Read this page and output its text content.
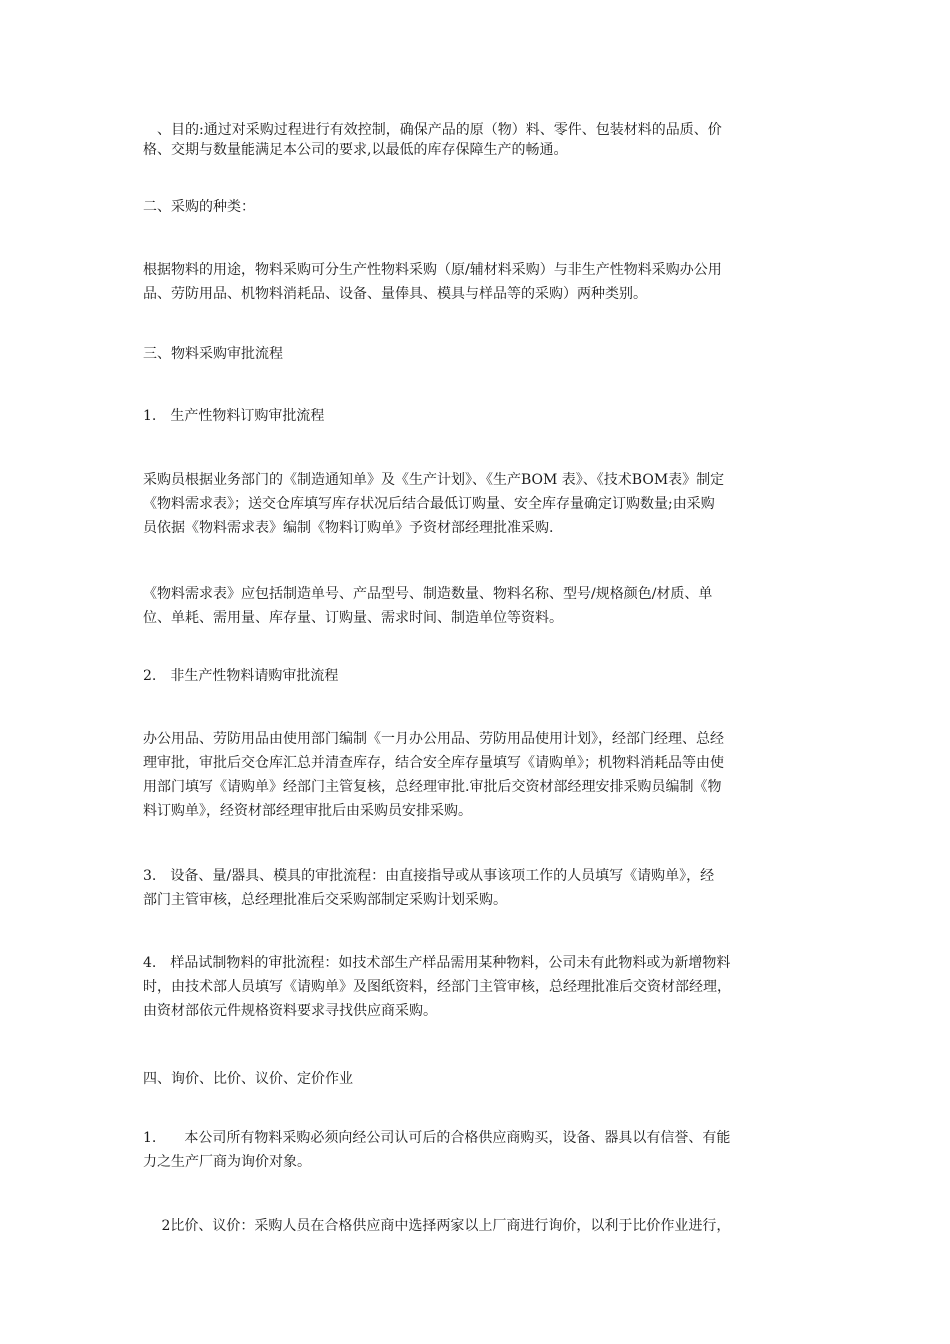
　、目的:通过对采购过程进行有效控制，确保产品的原（物）料、零件、包装材料的品质、价
格、交期与数量能满足本公司的要求,以最低的库存保障生产的畅通。

二、采购的种类：

根据物料的用途，物料采购可分生产性物料采购（原/辅材料采购）与非生产性物料采购办公用
品、劳防用品、机物料消耗品、设备、量俸具、模具与样品等的采购）两种类别。

三、物料采购审批流程

1.　生产性物料订购审批流程

采购员根据业务部门的《制造通知单》及《生产计划》、《生产BOM 表》、《技术BOM表》制定
《物料需求表》；送交仓库填写库存状况后结合最低订购量、安全库存量确定订购数量;由采购
员依据《物料需求表》编制《物料订购单》予资材部经理批准采购.

《物料需求表》应包括制造单号、产品型号、制造数量、物料名称、型号/规格颜色/材质、单
位、单耗、需用量、库存量、订购量、需求时间、制造单位等资料。

2.　非生产性物料请购审批流程

办公用品、劳防用品由使用部门编制《一月办公用品、劳防用品使用计划》，经部门经理、总经
理审批，审批后交仓库汇总并清查库存，结合安全库存量填写《请购单》；机物料消耗品等由使
用部门填写《请购单》经部门主管复核，总经理审批.审批后交资材部经理安排采购员编制《物
料订购单》，经资材部经理审批后由采购员安排采购。

3.　设备、量/器具、模具的审批流程：由直接指导或从事该项工作的人员填写《请购单》，经
部门主管审核，总经理批准后交采购部制定采购计划采购。

4.　样品试制物料的审批流程：如技术部生产样品需用某种物料，公司未有此物料或为新增物料
时，由技术部人员填写《请购单》及图纸资料，经部门主管审核，总经理批准后交资材部经理，
由资材部依元件规格资料要求寻找供应商采购。

四、询价、比价、议价、定价作业

1.　　本公司所有物料采购必须向经公司认可后的合格供应商购买，设备、器具以有信誉、有能
力之生产厂商为询价对象。

　 2比价、议价：采购人员在合格供应商中选择两家以上厂商进行询价，以利于比价作业进行，
